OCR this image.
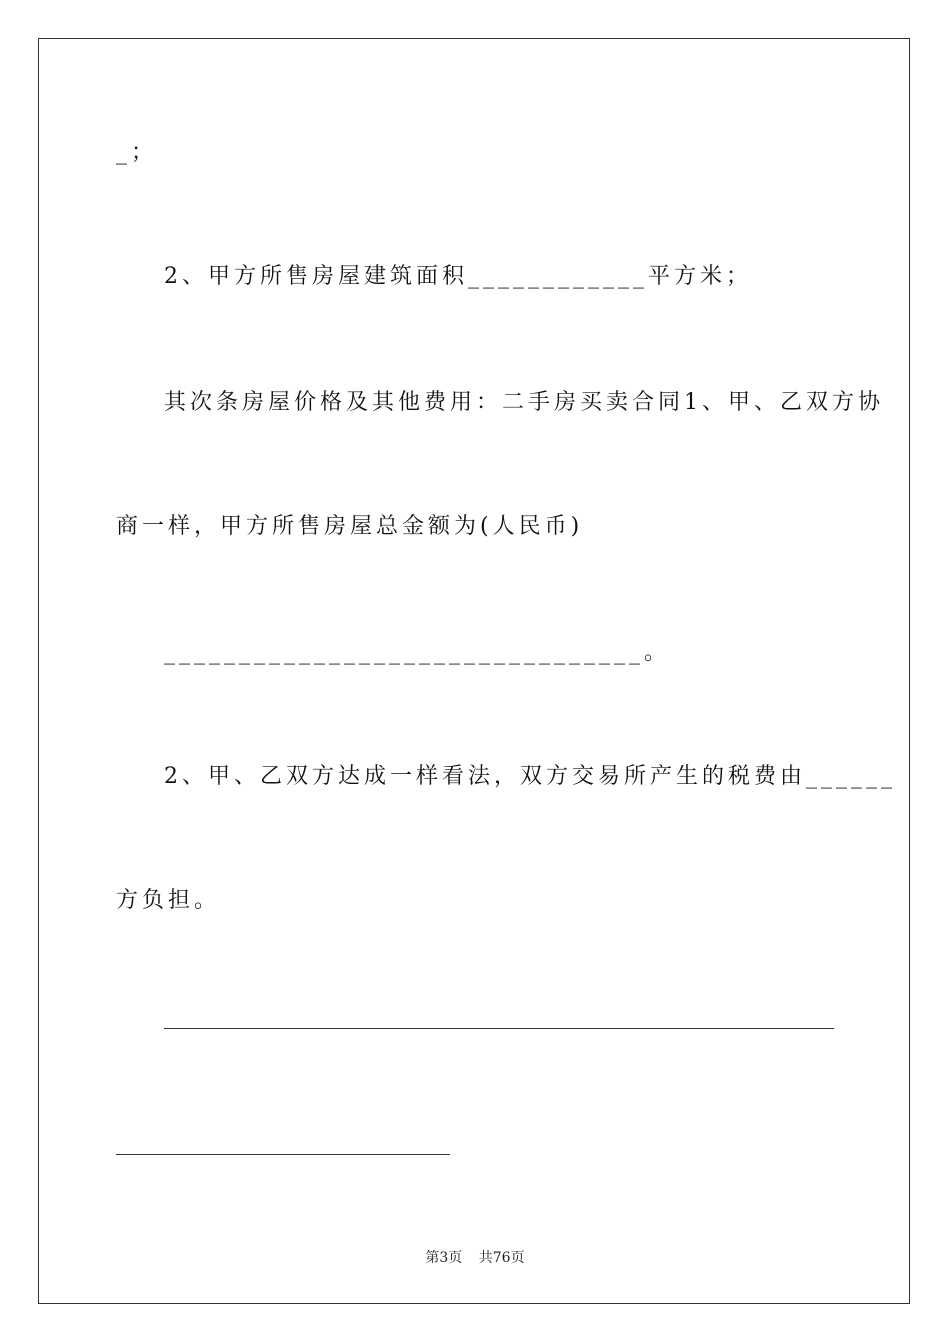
_；
2、甲方所售房屋建筑面积____________平方米；
其次条房屋价格及其他费用：二手房买卖合同1、甲、乙双方协
商一样，甲方所售房屋总金额为(人民币)
________________________________。
2、甲、乙双方达成一样看法，双方交易所产生的税费由______
方负担。
第3页 共76页
